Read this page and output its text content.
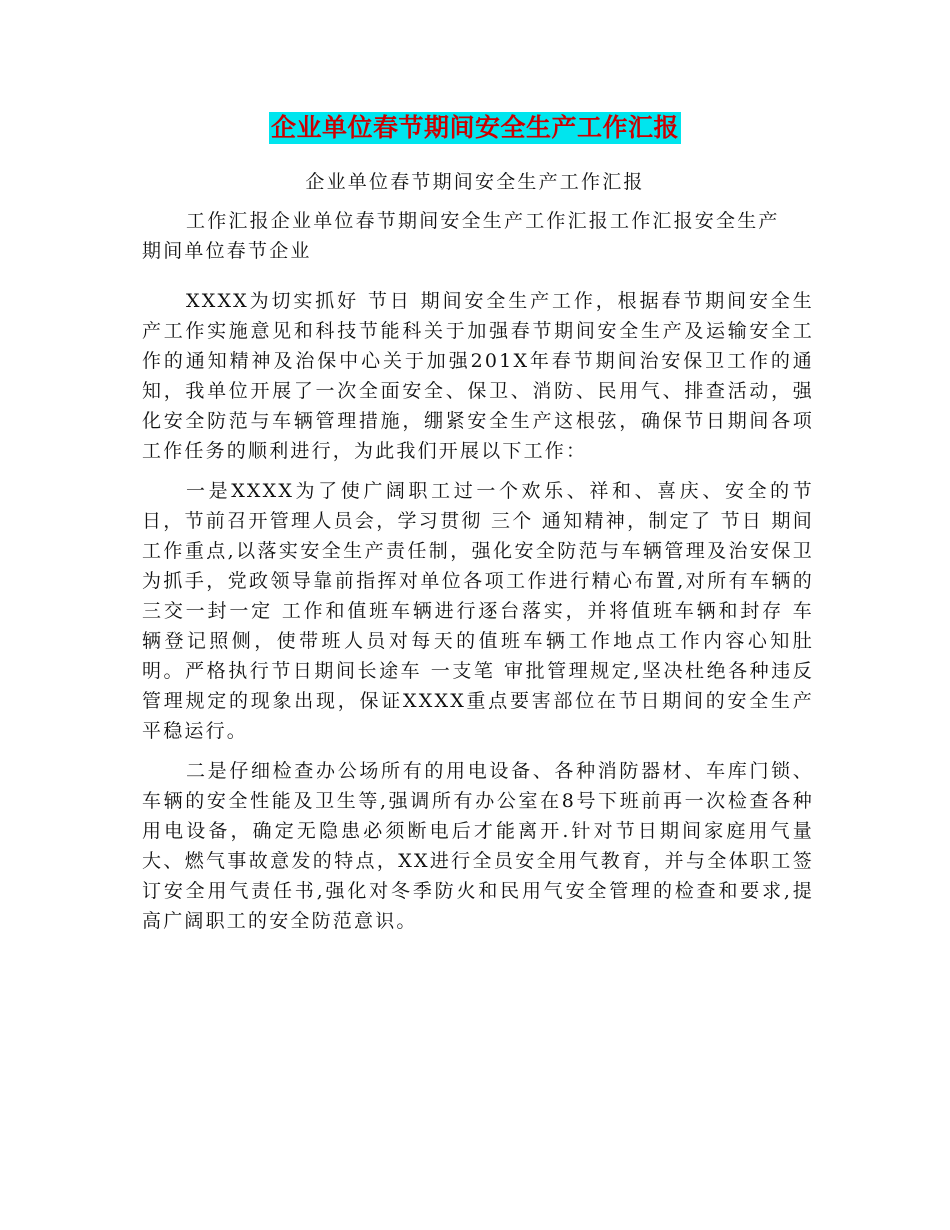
企业单位春节期间安全生产工作汇报
企业单位春节期间安全生产工作汇报

工作汇报企业单位春节期间安全生产工作汇报工作汇报安全生产
期间单位春节企业

XXXX为切实抓好 节日 期间安全生产工作，根据春节期间安全生产工作实施意见和科技节能科关于加强春节期间安全生产及运输安全工作的通知精神及治保中心关于加强201X年春节期间治安保卫工作的通知，我单位开展了一次全面安全、保卫、消防、民用气、排查活动，强化安全防范与车辆管理措施，绷紧安全生产这根弦，确保节日期间各项工作任务的顺利进行，为此我们开展以下工作：

一是XXXX为了使广阔职工过一个欢乐、祥和、喜庆、安全的节日，节前召开管理人员会，学习贯彻 三个 通知精神，制定了 节日 期间工作重点,以落实安全生产责任制，强化安全防范与车辆管理及治安保卫为抓手，党政领导靠前指挥对单位各项工作进行精心布置,对所有车辆的 三交一封一定 工作和值班车辆进行逐台落实，并将值班车辆和封存 车辆登记照侧，使带班人员对每天的值班车辆工作地点工作内容心知肚明。严格执行节日期间长途车 一支笔 审批管理规定,坚决杜绝各种违反管理规定的现象出现，保证XXXX重点要害部位在节日期间的安全生产平稳运行。

二是仔细检查办公场所有的用电设备、各种消防器材、车库门锁、车辆的安全性能及卫生等,强调所有办公室在8号下班前再一次检查各种用电设备，确定无隐患必须断电后才能离开.针对节日期间家庭用气量大、燃气事故意发的特点，XX进行全员安全用气教育，并与全体职工签订安全用气责任书,强化对冬季防火和民用气安全管理的检查和要求,提高广阔职工的安全防范意识。
